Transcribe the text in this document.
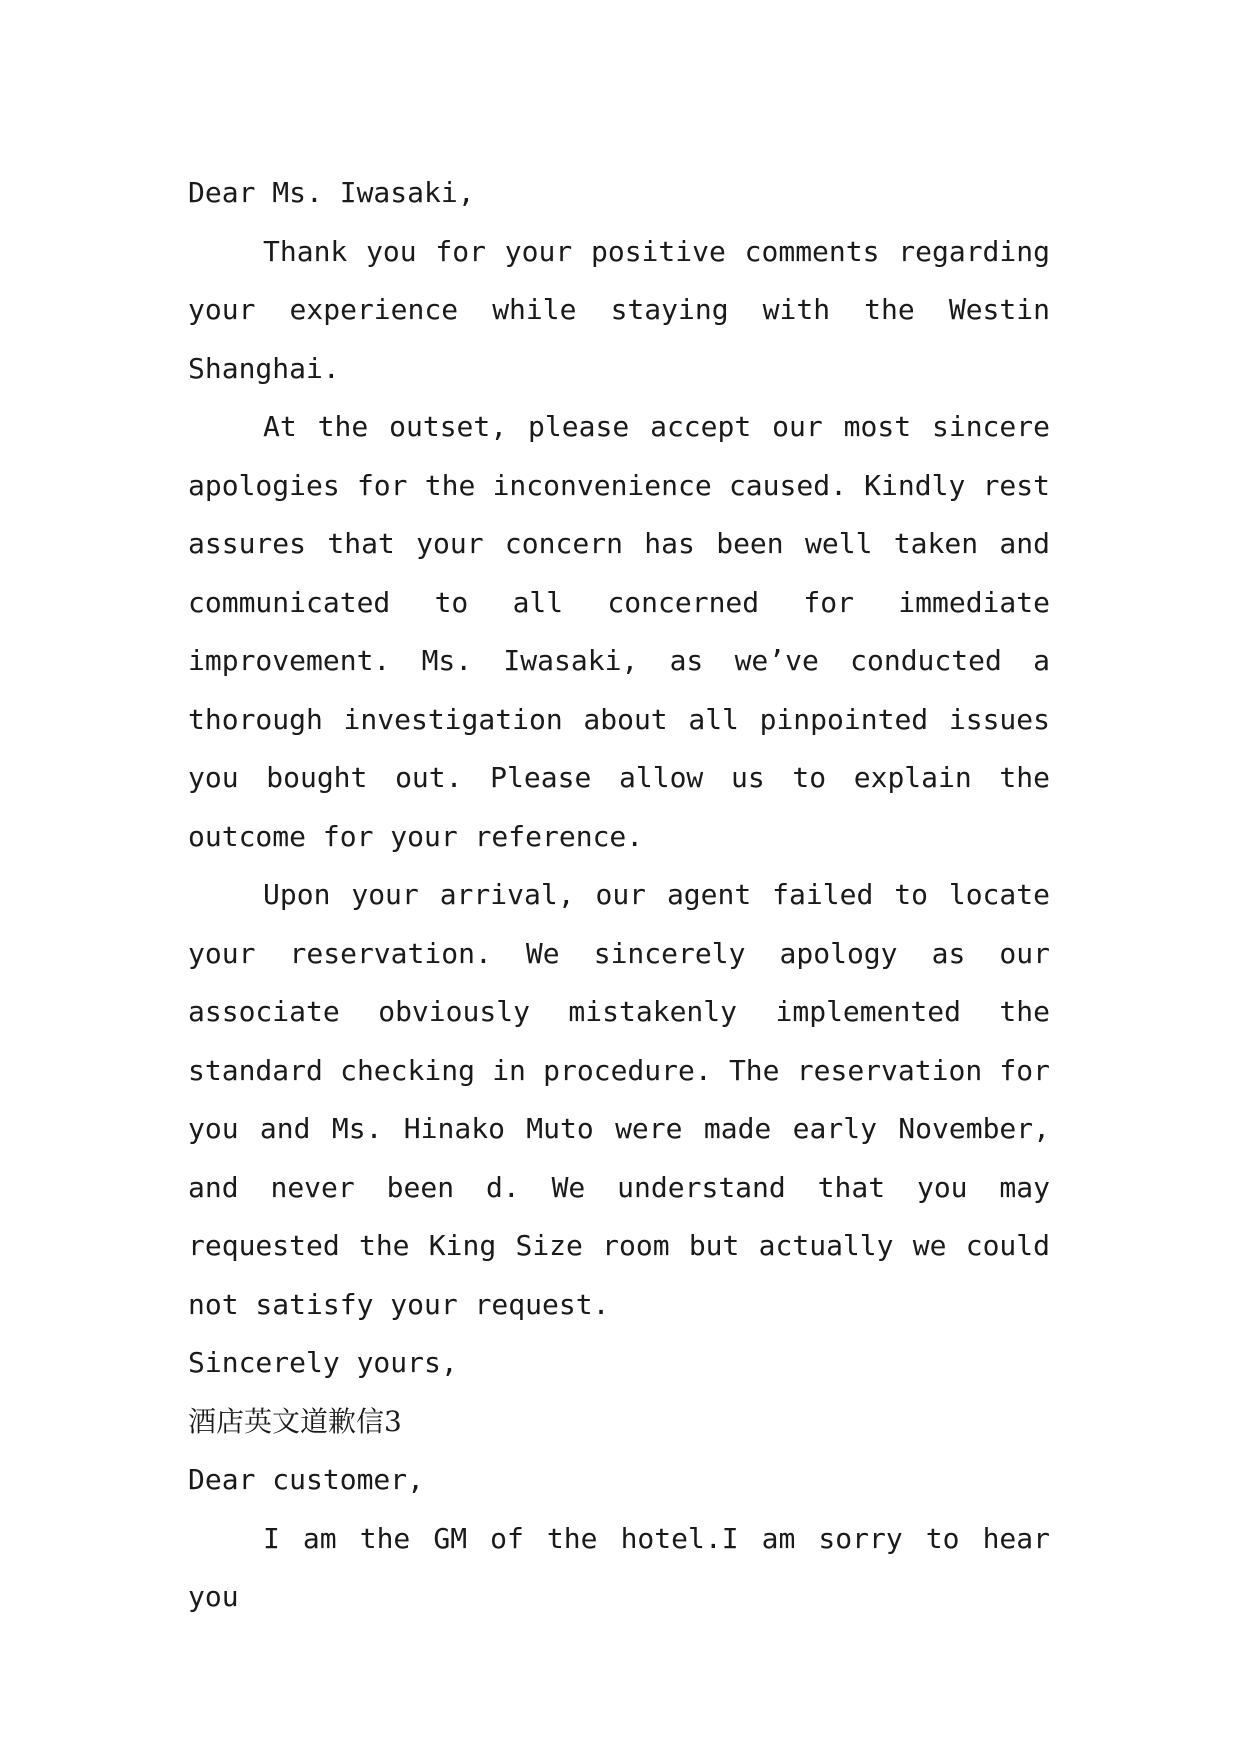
Dear Ms. Iwasaki,
Thank you for your positive comments regarding your experience while staying with the Westin Shanghai.
At the outset, please accept our most sincere apologies for the inconvenience caused. Kindly rest assures that your concern has been well taken and communicated to all concerned for immediate improvement. Ms. Iwasaki, as we’ve conducted a thorough investigation about all pinpointed issues you bought out. Please allow us to explain the outcome for your reference.
Upon your arrival, our agent failed to locate your reservation. We sincerely apology as our associate obviously mistakenly implemented the standard checking in procedure. The reservation for you and Ms. Hinako Muto were made early November, and never been d. We understand that you may requested the King Size room but actually we could not satisfy your request.
Sincerely yours,
酒店英文道歉信3
Dear customer,
I am the GM of the hotel.I am sorry to hear you
